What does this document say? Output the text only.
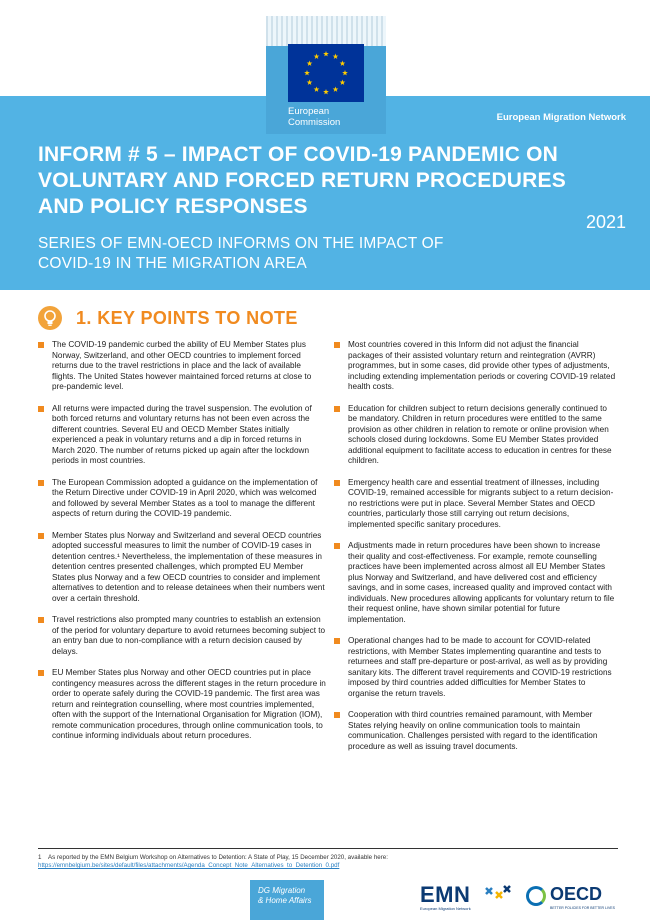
European Migration Network
INFORM # 5 – IMPACT OF COVID-19 PANDEMIC ON VOLUNTARY AND FORCED RETURN PROCEDURES AND POLICY RESPONSES
2021
SERIES OF EMN-OECD INFORMS ON THE IMPACT OF COVID-19 IN THE MIGRATION AREA
European
Commission
1. KEY POINTS TO NOTE
The COVID-19 pandemic curbed the ability of EU Member States plus Norway, Switzerland, and other OECD countries to implement forced returns due to the travel restrictions in place and the lack of available flights. The United States however maintained forced returns at close to pre-pandemic level.
All returns were impacted during the travel suspension. The evolution of both forced returns and voluntary returns has not been even across the different countries. Several EU and OECD Member States initially experienced a peak in voluntary returns and a dip in forced returns in March 2020. The number of returns picked up again after the lockdown periods in most countries.
The European Commission adopted a guidance on the implementation of the Return Directive under COVID-19 in April 2020, which was welcomed and followed by several Member States as a tool to manage the different aspects of return during the COVID-19 pandemic.
Member States plus Norway and Switzerland and several OECD countries adopted successful measures to limit the number of COVID-19 cases in detention centres.¹ Nevertheless, the implementation of these measures in detention centres presented challenges, which prompted EU Member States plus Norway and a few OECD countries to consider and implement alternatives to detention and to release detainees when their numbers went over a certain threshold.
Travel restrictions also prompted many countries to establish an extension of the period for voluntary departure to avoid returnees becoming subject to an entry ban due to non-compliance with a return decision caused by delays.
EU Member States plus Norway and other OECD countries put in place contingency measures across the different stages in the return procedure in order to operate safely during the COVID-19 pandemic. The first area was return and reintegration counselling, where most countries implemented, often with the support of the International Organisation for Migration (IOM), remote communication procedures, through online communication tools, to continue informing individuals about return procedures.
Most countries covered in this Inform did not adjust the financial packages of their assisted voluntary return and reintegration (AVRR) programmes, but in some cases, did provide other types of adjustments, including extending implementation periods or covering COVID-19 related health costs.
Education for children subject to return decisions generally continued to be mandatory. Children in return procedures were entitled to the same provision as other children in relation to remote or online provision when schools closed during lockdowns. Some EU Member States provided additional equipment to facilitate access to education in centres for these children.
Emergency health care and essential treatment of illnesses, including COVID-19, remained accessible for migrants subject to a return decision- no restrictions were put in place. Several Member States and OECD countries, particularly those still carrying out return decisions, implemented specific sanitary procedures.
Adjustments made in return procedures have been shown to increase their quality and cost-effectiveness. For example, remote counselling practices have been implemented across almost all EU Member States plus Norway and Switzerland, and have delivered cost and efficiency savings, and in some cases, increased quality and improved contact with individuals. New procedures allowing applicants for voluntary return to file their request online, have shown similar potential for future implementation.
Operational changes had to be made to account for COVID-related restrictions, with Member States implementing quarantine and tests to returnees and staff pre-departure or post-arrival, as well as by providing sanitary kits. The different travel requirements and COVID-19 restrictions imposed by third countries added difficulties for Member States to organise the return travels.
Cooperation with third countries remained paramount, with Member States relying heavily on online communication tools to maintain communication. Challenges persisted with regard to the identification procedure as well as issuing travel documents.
1 As reported by the EMN Belgium Workshop on Alternatives to Detention: A State of Play, 15 December 2020, available here: https://emnbelgium.be/sites/default/files/attachments/Agenda_Concept_Note_Alternatives_to_Detention_0.pdf
DG Migration
& Home Affairs	EMN
European Migration Network
OECD
BETTER POLICIES FOR BETTER LIVES
